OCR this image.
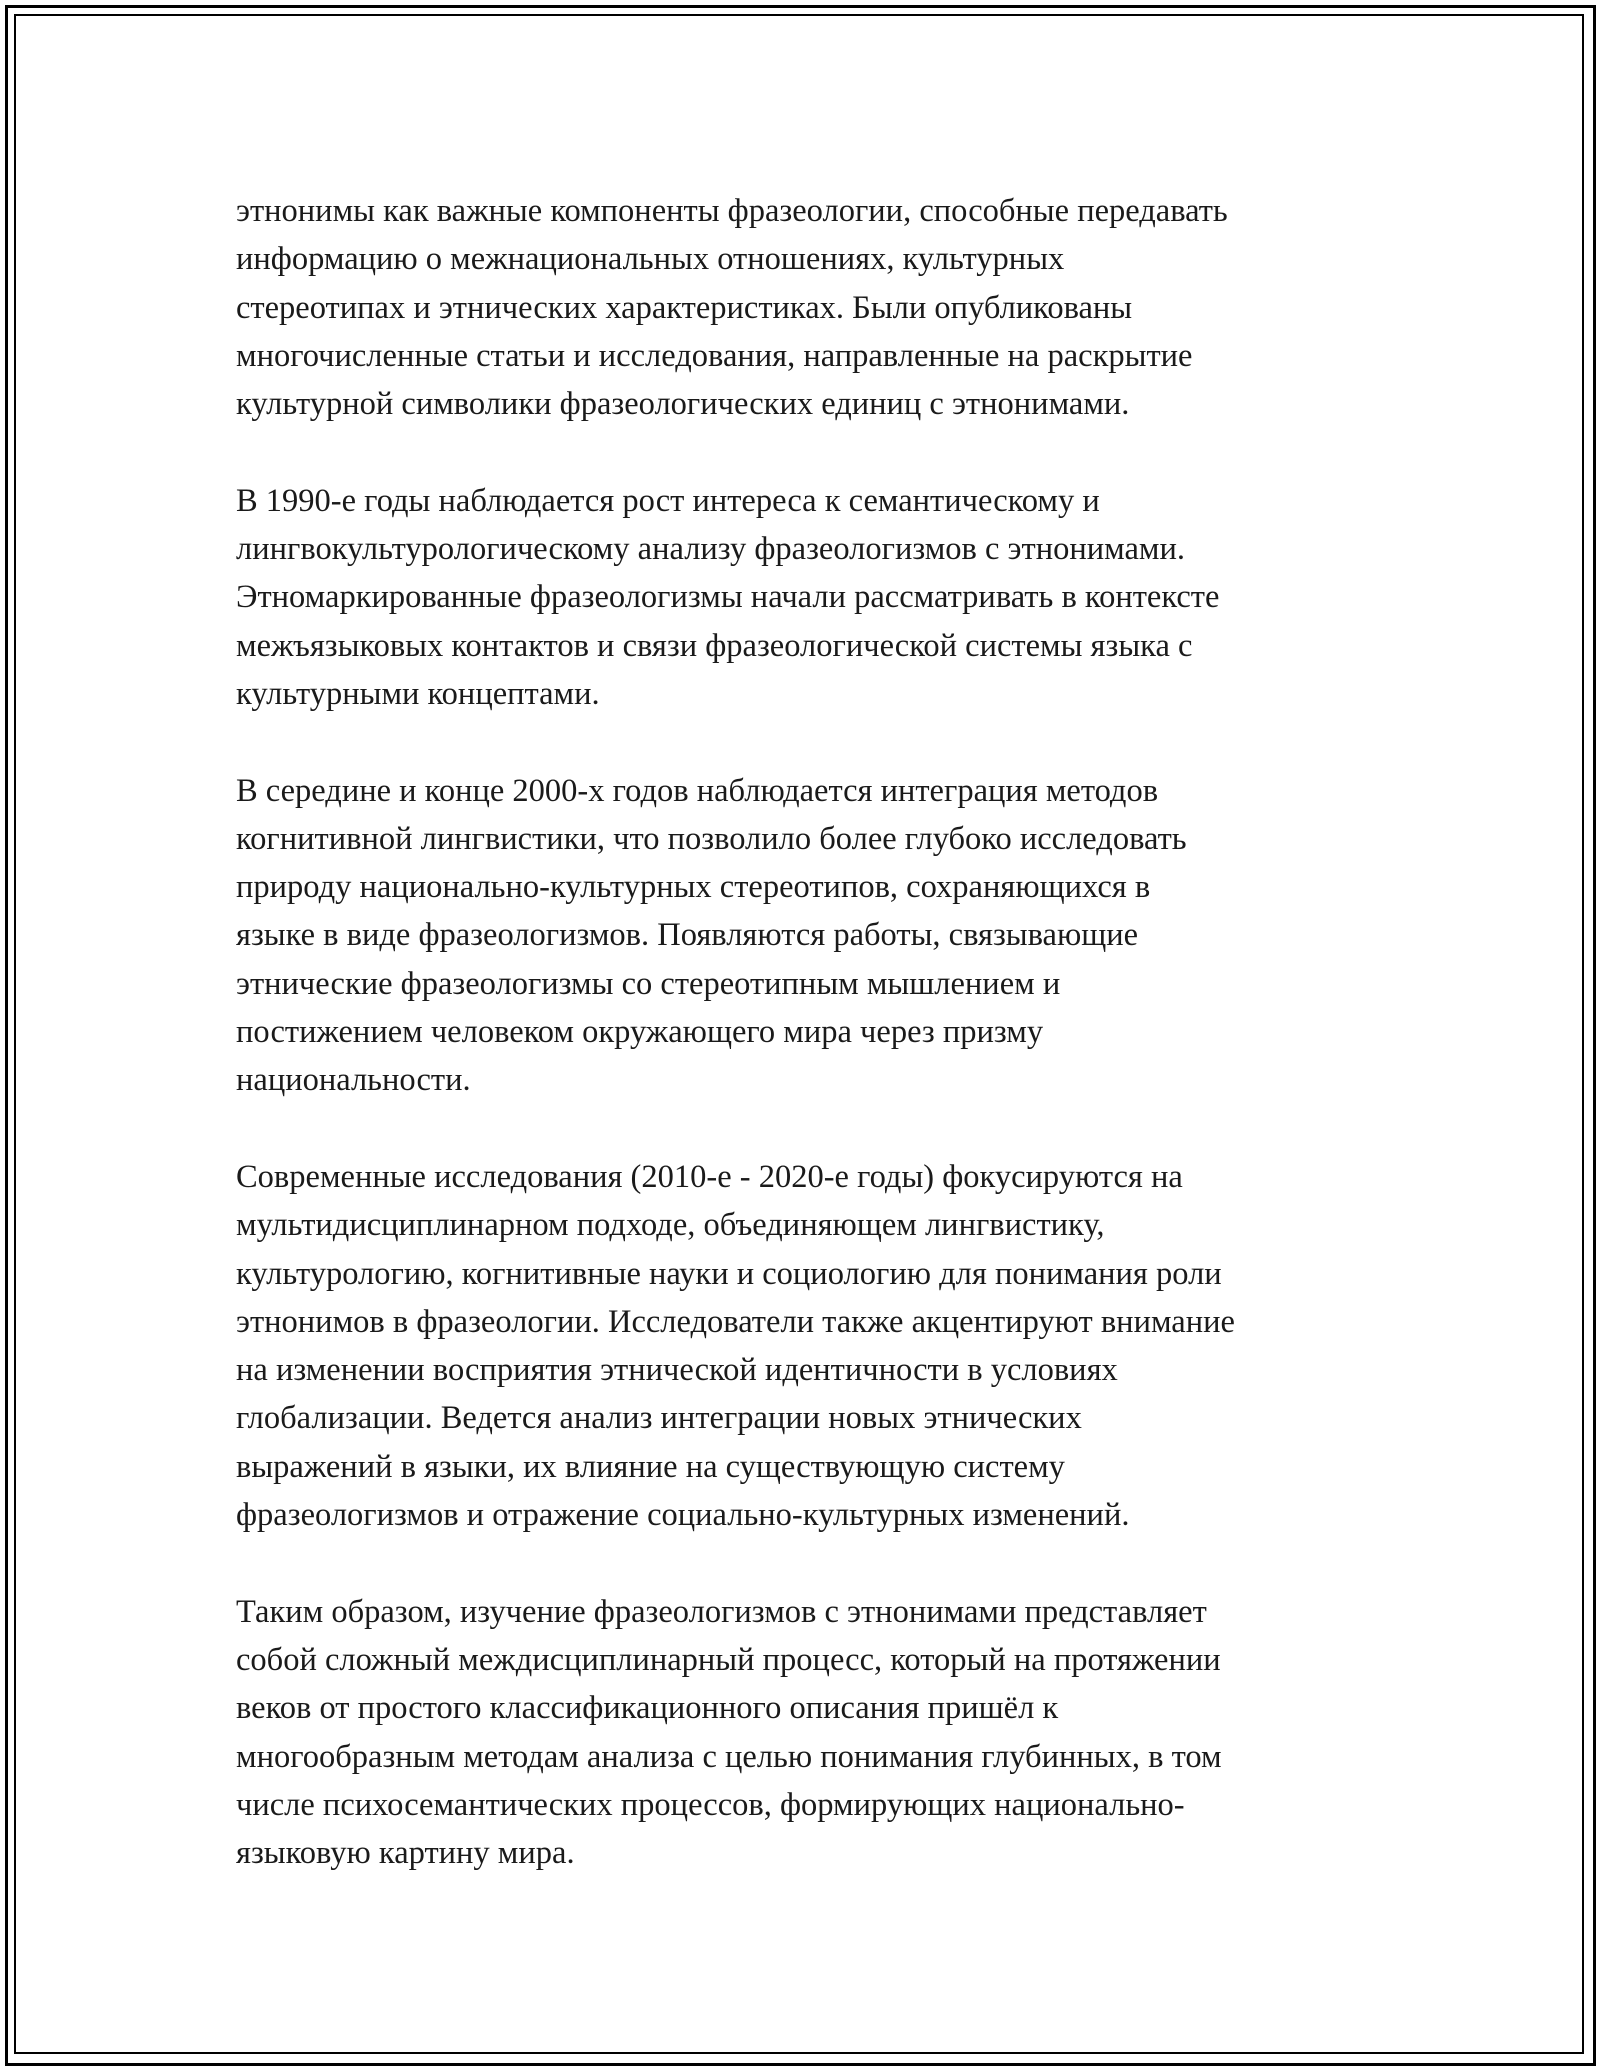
этнонимы как важные компоненты фразеологии, способные передавать
информацию о межнациональных отношениях, культурных
стереотипах и этнических характеристиках. Были опубликованы
многочисленные статьи и исследования, направленные на раскрытие
культурной символики фразеологических единиц с этнонимами.

В 1990-е годы наблюдается рост интереса к семантическому и
лингвокультурологическому анализу фразеологизмов с этнонимами.
Этномаркированные фразеологизмы начали рассматривать в контексте
межъязыковых контактов и связи фразеологической системы языка с
культурными концептами.

В середине и конце 2000-х годов наблюдается интеграция методов
когнитивной лингвистики, что позволило более глубоко исследовать
природу национально-культурных стереотипов, сохраняющихся в
языке в виде фразеологизмов. Появляются работы, связывающие
этнические фразеологизмы со стереотипным мышлением и
постижением человеком окружающего мира через призму
национальности.

Современные исследования (2010-е - 2020-е годы) фокусируются на
мультидисциплинарном подходе, объединяющем лингвистику,
культурологию, когнитивные науки и социологию для понимания роли
этнонимов в фразеологии. Исследователи также акцентируют внимание
на изменении восприятия этнической идентичности в условиях
глобализации. Ведется анализ интеграции новых этнических
выражений в языки, их влияние на существующую систему
фразеологизмов и отражение социально-культурных изменений.

Таким образом, изучение фразеологизмов с этнонимами представляет
собой сложный междисциплинарный процесс, который на протяжении
веков от простого классификационного описания пришёл к
многообразным методам анализа с целью понимания глубинных, в том
числе психосемантических процессов, формирующих национально-
языковую картину мира.
